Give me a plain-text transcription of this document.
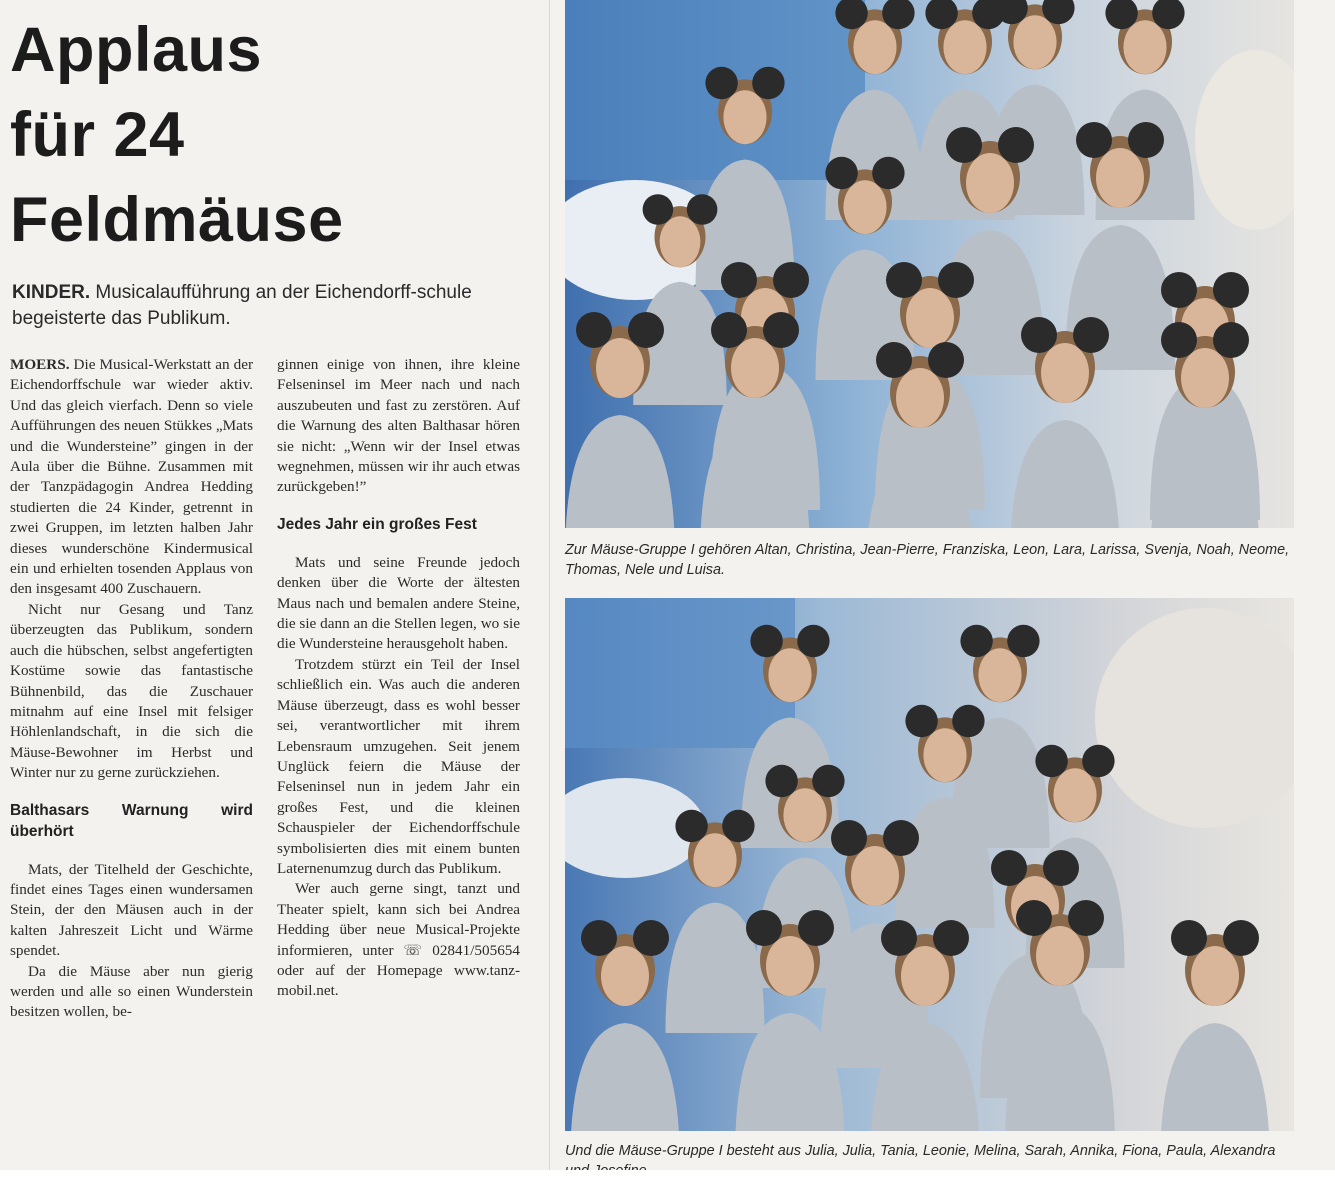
Applaus
für 24
Feldmäuse
KINDER. Musicalaufführung an der Eichendorff-schule begeisterte das Publikum.

MOERS. Die Musical-Werkstatt an der Eichendorffschule war wieder aktiv. Und das gleich vierfach. Denn so viele Aufführungen des neuen Stükkes „Mats und die Wundersteine” gingen in der Aula über die Bühne. Zusammen mit der Tanzpädagogin Andrea Hedding studierten die 24 Kinder, getrennt in zwei Gruppen, im letzten halben Jahr dieses wunderschöne Kindermusical ein und erhielten tosenden Applaus von den insgesamt 400 Zuschauern.

Nicht nur Gesang und Tanz überzeugten das Publikum, sondern auch die hübschen, selbst angefertigten Kostüme sowie das fantastische Bühnenbild, das die Zuschauer mitnahm auf eine Insel mit felsiger Höhlenlandschaft, in die sich die Mäuse-Bewohner im Herbst und Winter nur zu gerne zurückziehen.

Balthasars Warnung wird überhört

Mats, der Titelheld der Geschichte, findet eines Tages einen wundersamen Stein, der den Mäusen auch in der kalten Jahreszeit Licht und Wärme spendet.

Da die Mäuse aber nun gierig werden und alle so einen Wunderstein besitzen wollen, be-

ginnen einige von ihnen, ihre kleine Felseninsel im Meer nach und nach auszubeuten und fast zu zerstören. Auf die Warnung des alten Balthasar hören sie nicht: „Wenn wir der Insel etwas wegnehmen, müssen wir ihr auch etwas zurückgeben!”

Jedes Jahr ein großes Fest

Mats und seine Freunde jedoch denken über die Worte der ältesten Maus nach und bemalen andere Steine, die sie dann an die Stellen legen, wo sie die Wundersteine herausgeholt haben.

Trotzdem stürzt ein Teil der Insel schließlich ein. Was auch die anderen Mäuse überzeugt, dass es wohl besser sei, verantwortlicher mit ihrem Lebensraum umzugehen. Seit jenem Unglück feiern die Mäuse der Felseninsel nun in jedem Jahr ein großes Fest, und die kleinen Schauspieler der Eichendorffschule symbolisierten dies mit einem bunten Laternenumzug durch das Publikum.

Wer auch gerne singt, tanzt und Theater spielt, kann sich bei Andrea Hedding über neue Musical-Projekte informieren, unter ☏ 02841/505654 oder auf der Homepage www.tanz-mobil.net.

Zur Mäuse-Gruppe I gehören Altan, Christina, Jean-Pierre, Franziska, Leon, Lara, Larissa, Svenja, Noah, Neome, Thomas, Nele und Luisa.
Und die Mäuse-Gruppe I besteht aus Julia, Julia, Tania, Leonie, Melina, Sarah, Annika, Fiona, Paula, Alexandra
